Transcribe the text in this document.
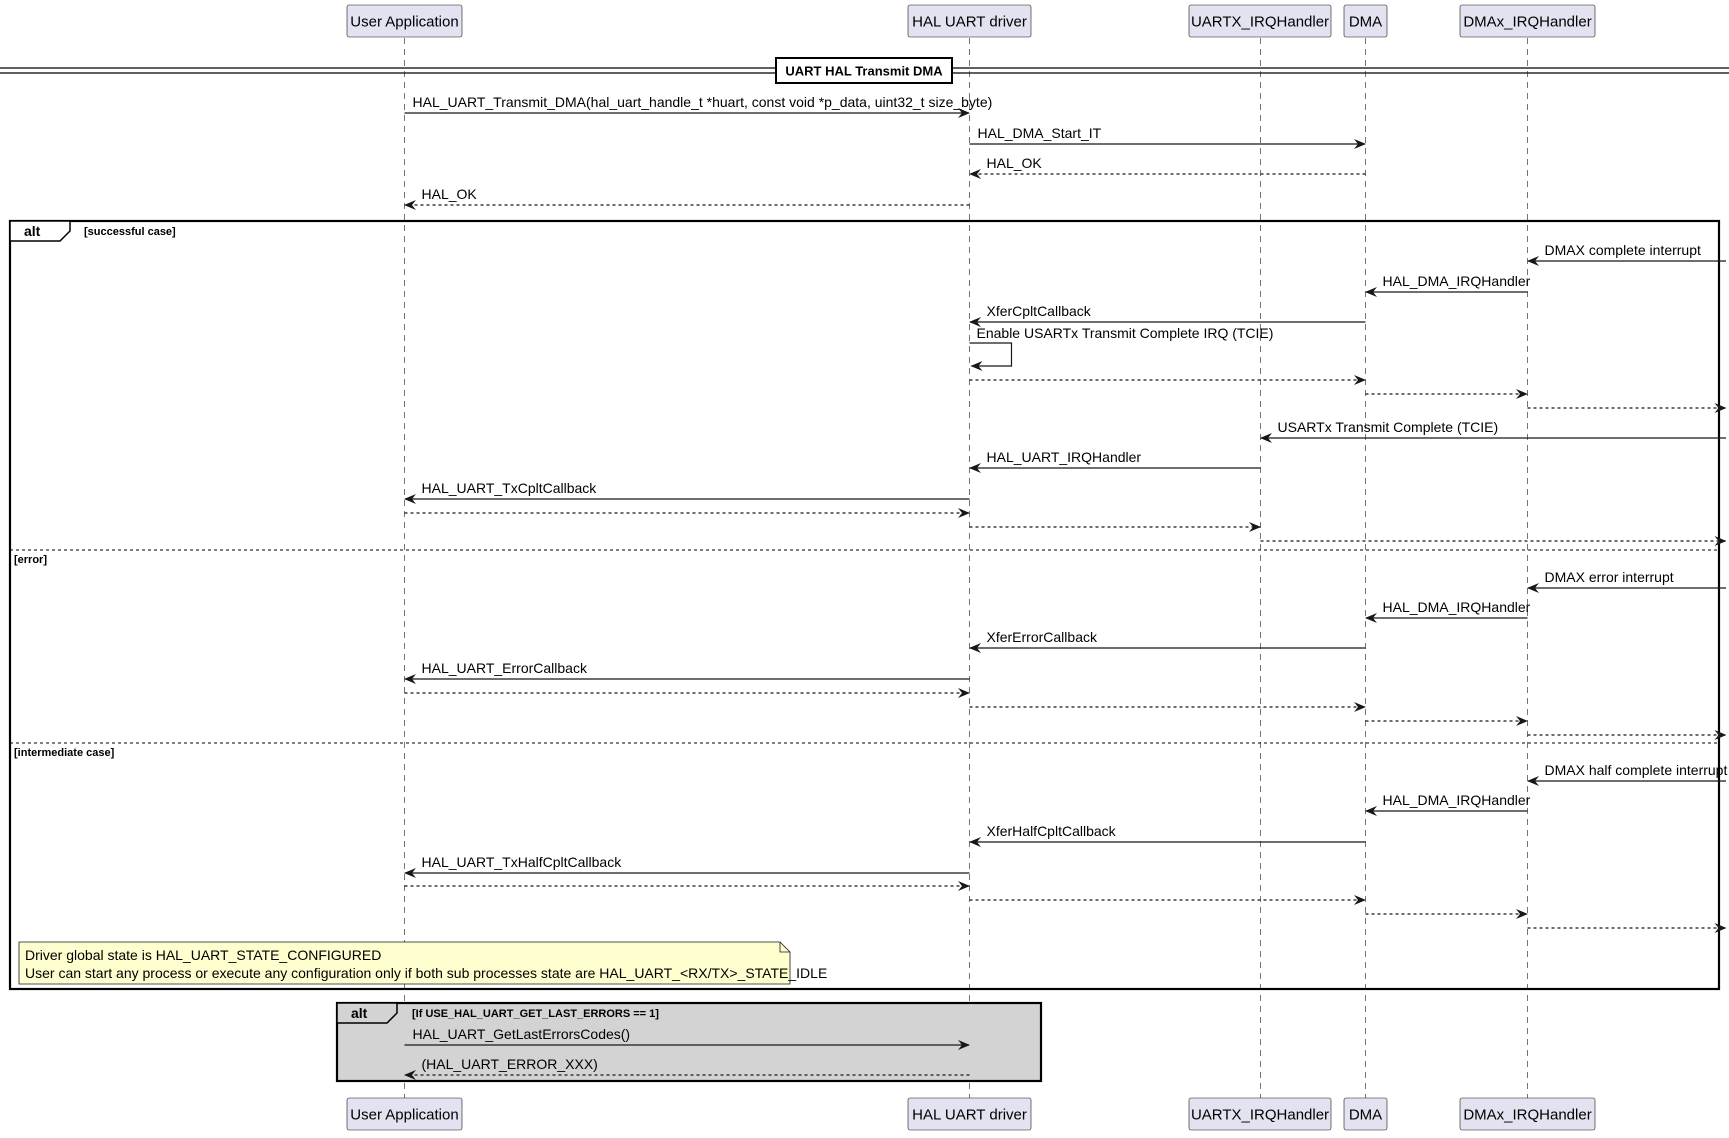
UART HAL Transmit DMA
alt	[successful case]
[error]
[intermediate case]
alt	[If USE_HAL_UART_GET_LAST_ERRORS == 1]
User Application	HAL UART driver	UARTX_IRQHandler DMA	DMAx_IRQHandler
User Application	HAL UART driver	UARTX_IRQHandler DMA	DMAx_IRQHandler
Driver global state is HAL_UART_STATE_CONFIGURED
User can start any process or execute any configuration only if both sub processes state are HAL_UART_<RX/TX>_STATE_IDLE
HAL_UART_Transmit_DMA(hal_uart_handle_t *huart, const void *p_data, uint32_t size_byte)
HAL_DMA_Start_IT
HAL_OK
HAL_OK
DMAX complete interrupt
HAL_DMA_IRQHandler
XferCpltCallback
Enable USARTx Transmit Complete IRQ (TCIE)
USARTx Transmit Complete (TCIE)
HAL_UART_IRQHandler
HAL_UART_TxCpltCallback
DMAX error interrupt
HAL_DMA_IRQHandler
XferErrorCallback
HAL_UART_ErrorCallback
DMAX half complete interrupt
HAL_DMA_IRQHandler
XferHalfCpltCallback
HAL_UART_TxHalfCpltCallback
HAL_UART_GetLastErrorsCodes()
(HAL_UART_ERROR_XXX)
